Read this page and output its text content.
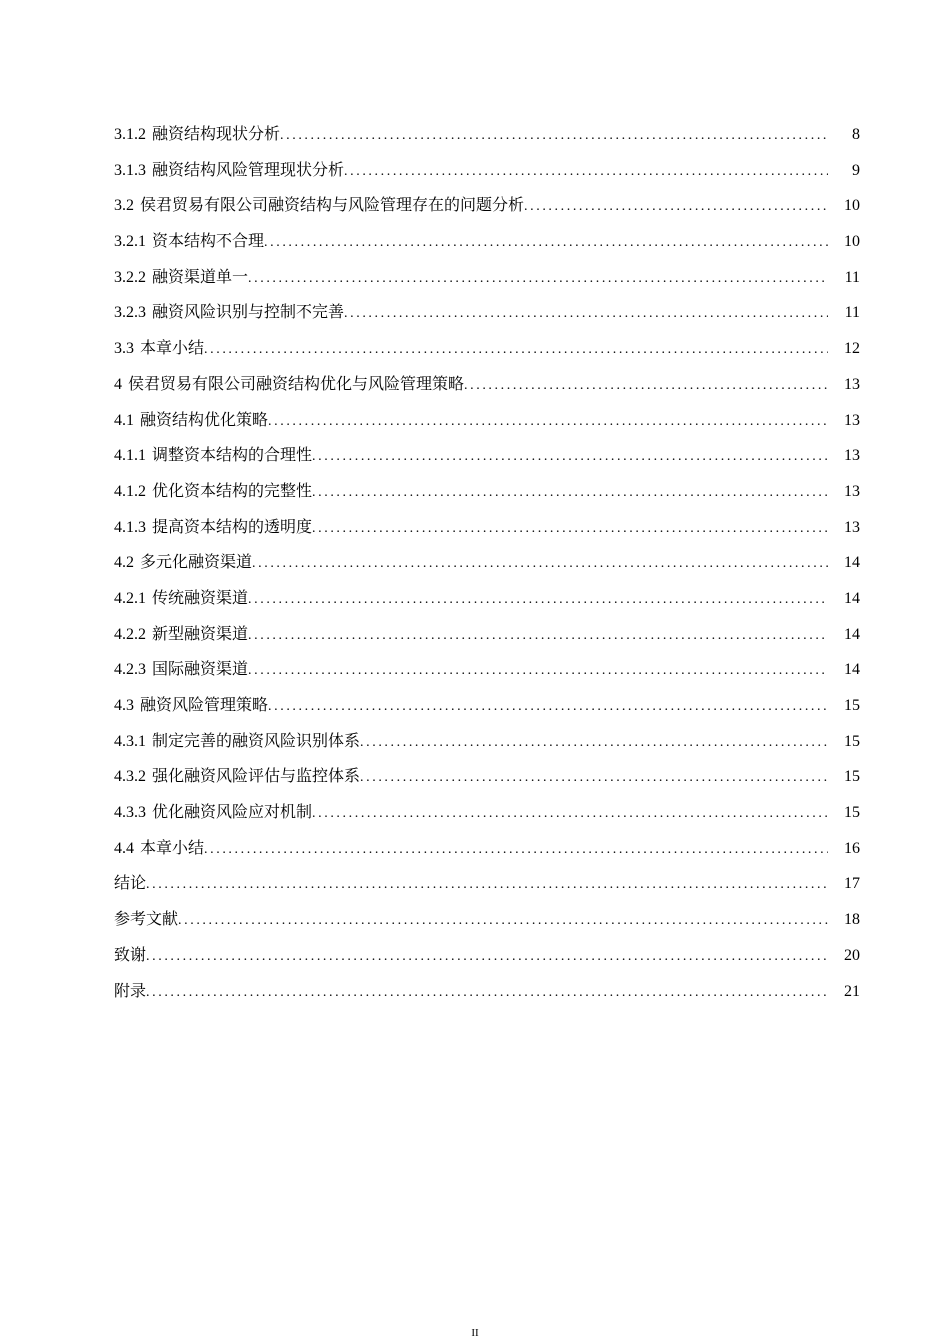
3.1.2 融资结构现状分析 .....	8
3.1.3 融资结构风险管理现状分析 .....	9
3.2 侯君贸易有限公司融资结构与风险管理存在的问题分析 .....	10
3.2.1 资本结构不合理 .....	10
3.2.2 融资渠道单一 .....	11
3.2.3 融资风险识别与控制不完善 .....	11
3.3 本章小结 .....	12
4 侯君贸易有限公司融资结构优化与风险管理策略 .....	13
4.1 融资结构优化策略 .....	13
4.1.1 调整资本结构的合理性 .....	13
4.1.2 优化资本结构的完整性 .....	13
4.1.3 提高资本结构的透明度 .....	13
4.2 多元化融资渠道 .....	14
4.2.1 传统融资渠道 .....	14
4.2.2 新型融资渠道 .....	14
4.2.3 国际融资渠道 .....	14
4.3 融资风险管理策略 .....	15
4.3.1 制定完善的融资风险识别体系 .....	15
4.3.2 强化融资风险评估与监控体系 .....	15
4.3.3 优化融资风险应对机制 .....	15
4.4 本章小结 .....	16
结论 .....	17
参考文献 .....	18
致谢 .....	20
附录 .....	21
II
